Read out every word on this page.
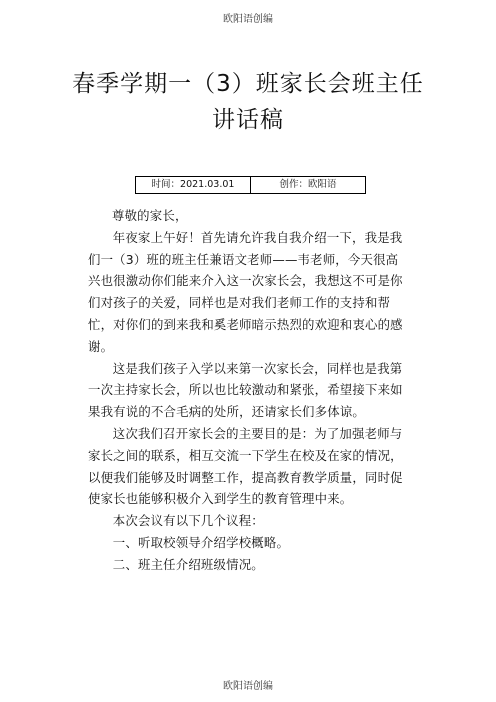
欧阳语创编
春季学期一（3）班家长会班主任
讲话稿
时间：2021.03.01	创作：欧阳语

尊敬的家长，

年夜家上午好！首先请允许我自我介绍一下，我是我们一（3）班的班主任兼语文老师——韦老师，今天很高兴也很激动你们能来介入这一次家长会，我想这不可是你们对孩子的关爱，同样也是对我们老师工作的支持和帮忙，对你们的到来我和奚老师暗示热烈的欢迎和衷心的感谢。

这是我们孩子入学以来第一次家长会，同样也是我第一次主持家长会，所以也比较激动和紧张，希望接下来如果我有说的不合毛病的处所，还请家长们多体谅。

这次我们召开家长会的主要目的是：为了加强老师与家长之间的联系，相互交流一下学生在校及在家的情况，以便我们能够及时调整工作，提高教育教学质量，同时促使家长也能够积极介入到学生的教育管理中来。

本次会议有以下几个议程：

一、听取校领导介绍学校概略。

二、班主任介绍班级情况。

欧阳语创编
